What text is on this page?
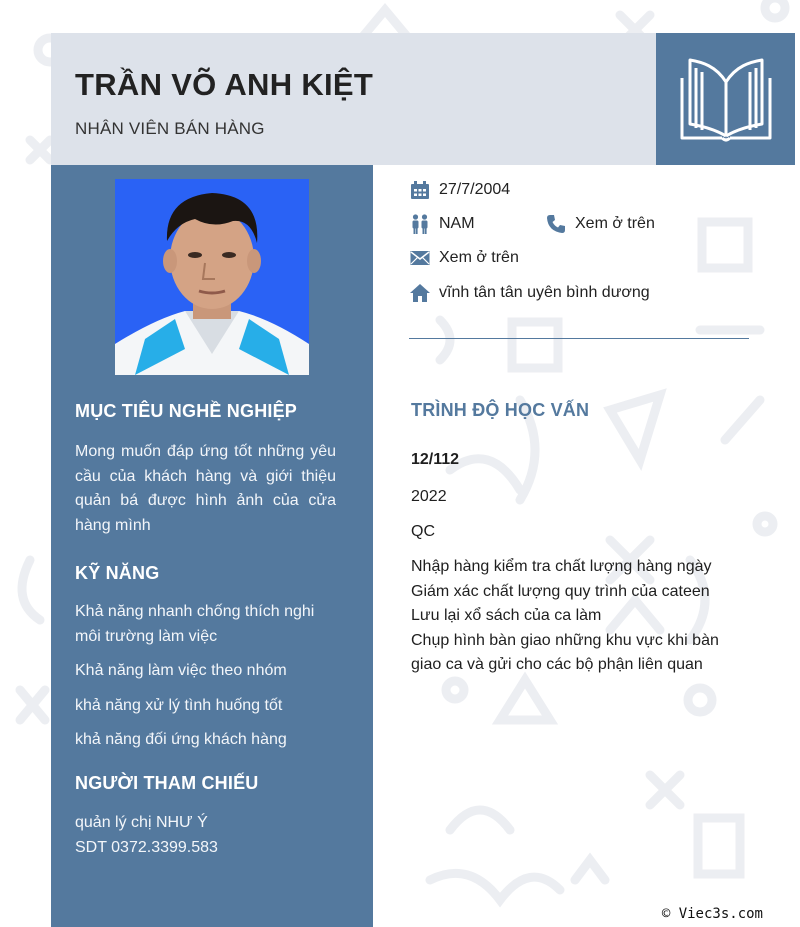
TRẦN VÕ ANH KIỆT

NHÂN VIÊN BÁN HÀNG

MỤC TIÊU NGHỀ NGHIỆP

Mong muốn đáp ứng tốt những yêu cầu của khách hàng và giới thiệu quản bá được hình ảnh của cửa hàng mình

KỸ NĂNG

Khả năng nhanh chống thích nghi môi trường làm việc

Khả năng làm việc theo nhóm

khả năng xử lý tình huống tốt

khả năng đối ứng khách hàng

NGƯỜI THAM CHIẾU

quản lý chị NHƯ Ý

SDT 0372.3399.583

27/7/2004
NAM	Xem ở trên
Xem ở trên
vĩnh tân tân uyên bình dương
TRÌNH ĐỘ HỌC VẤN

12/112

2022

QC

Nhập hàng kiểm tra chất lượng hàng ngày

Giám xác chất lượng quy trình của cateen

Lưu lại xổ sách của ca làm

Chụp hình bàn giao những khu vực khi bàn giao ca và gửi cho các bộ phận liên quan

© Viec3s.com
